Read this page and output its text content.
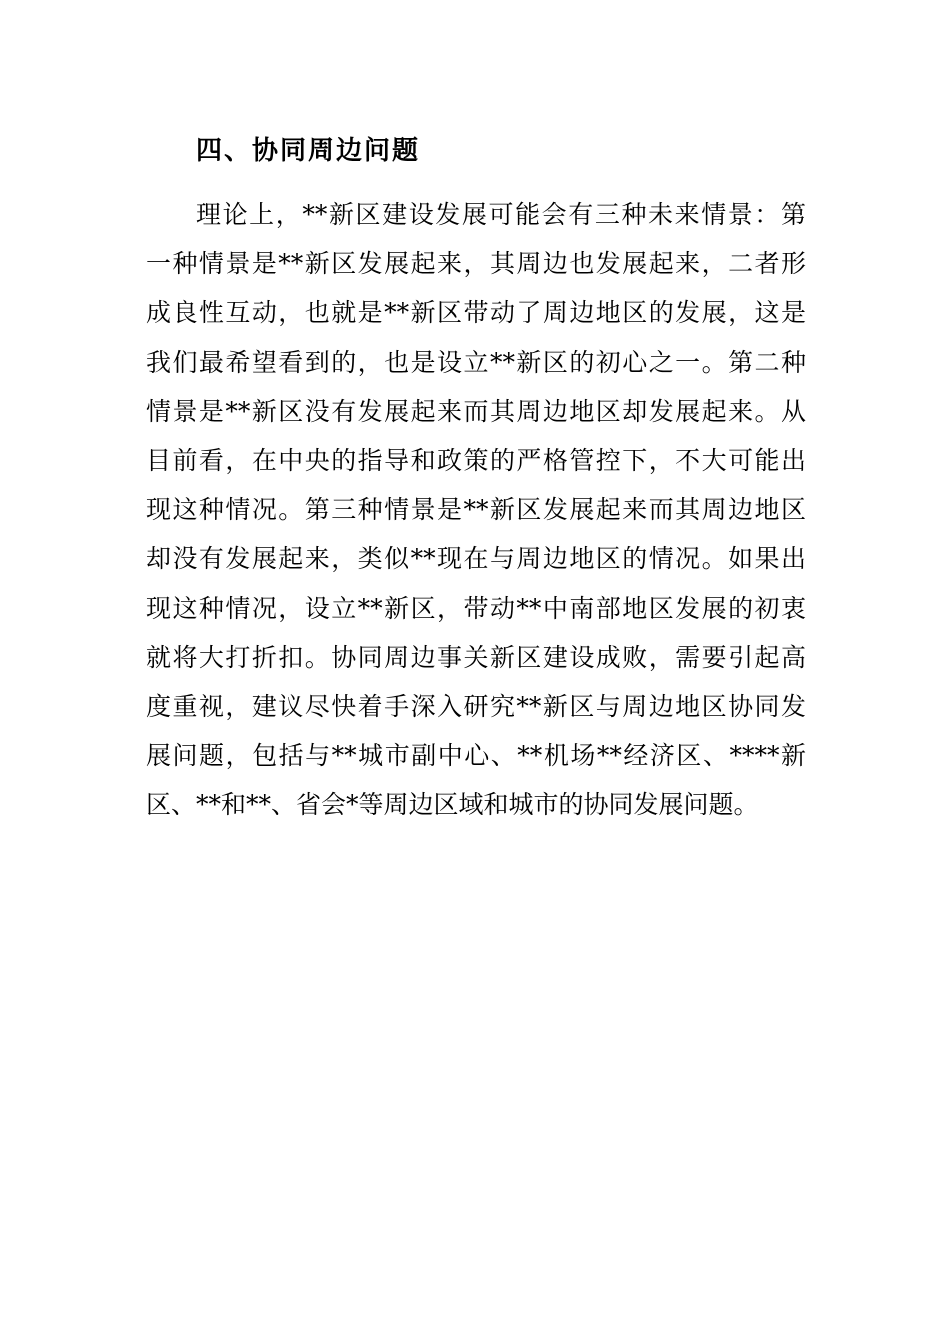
四、协同周边问题
理论上，**新区建设发展可能会有三种未来情景：第
一种情景是**新区发展起来，其周边也发展起来，二者形
成良性互动，也就是**新区带动了周边地区的发展，这是
我们最希望看到的，也是设立**新区的初心之一。第二种
情景是**新区没有发展起来而其周边地区却发展起来。从
目前看，在中央的指导和政策的严格管控下，不大可能出
现这种情况。第三种情景是**新区发展起来而其周边地区
却没有发展起来，类似**现在与周边地区的情况。如果出
现这种情况，设立**新区，带动**中南部地区发展的初衷
就将大打折扣。协同周边事关新区建设成败，需要引起高
度重视，建议尽快着手深入研究**新区与周边地区协同发
展问题，包括与**城市副中心、**机场**经济区、****新
区、**和**、省会*等周边区域和城市的协同发展问题。
